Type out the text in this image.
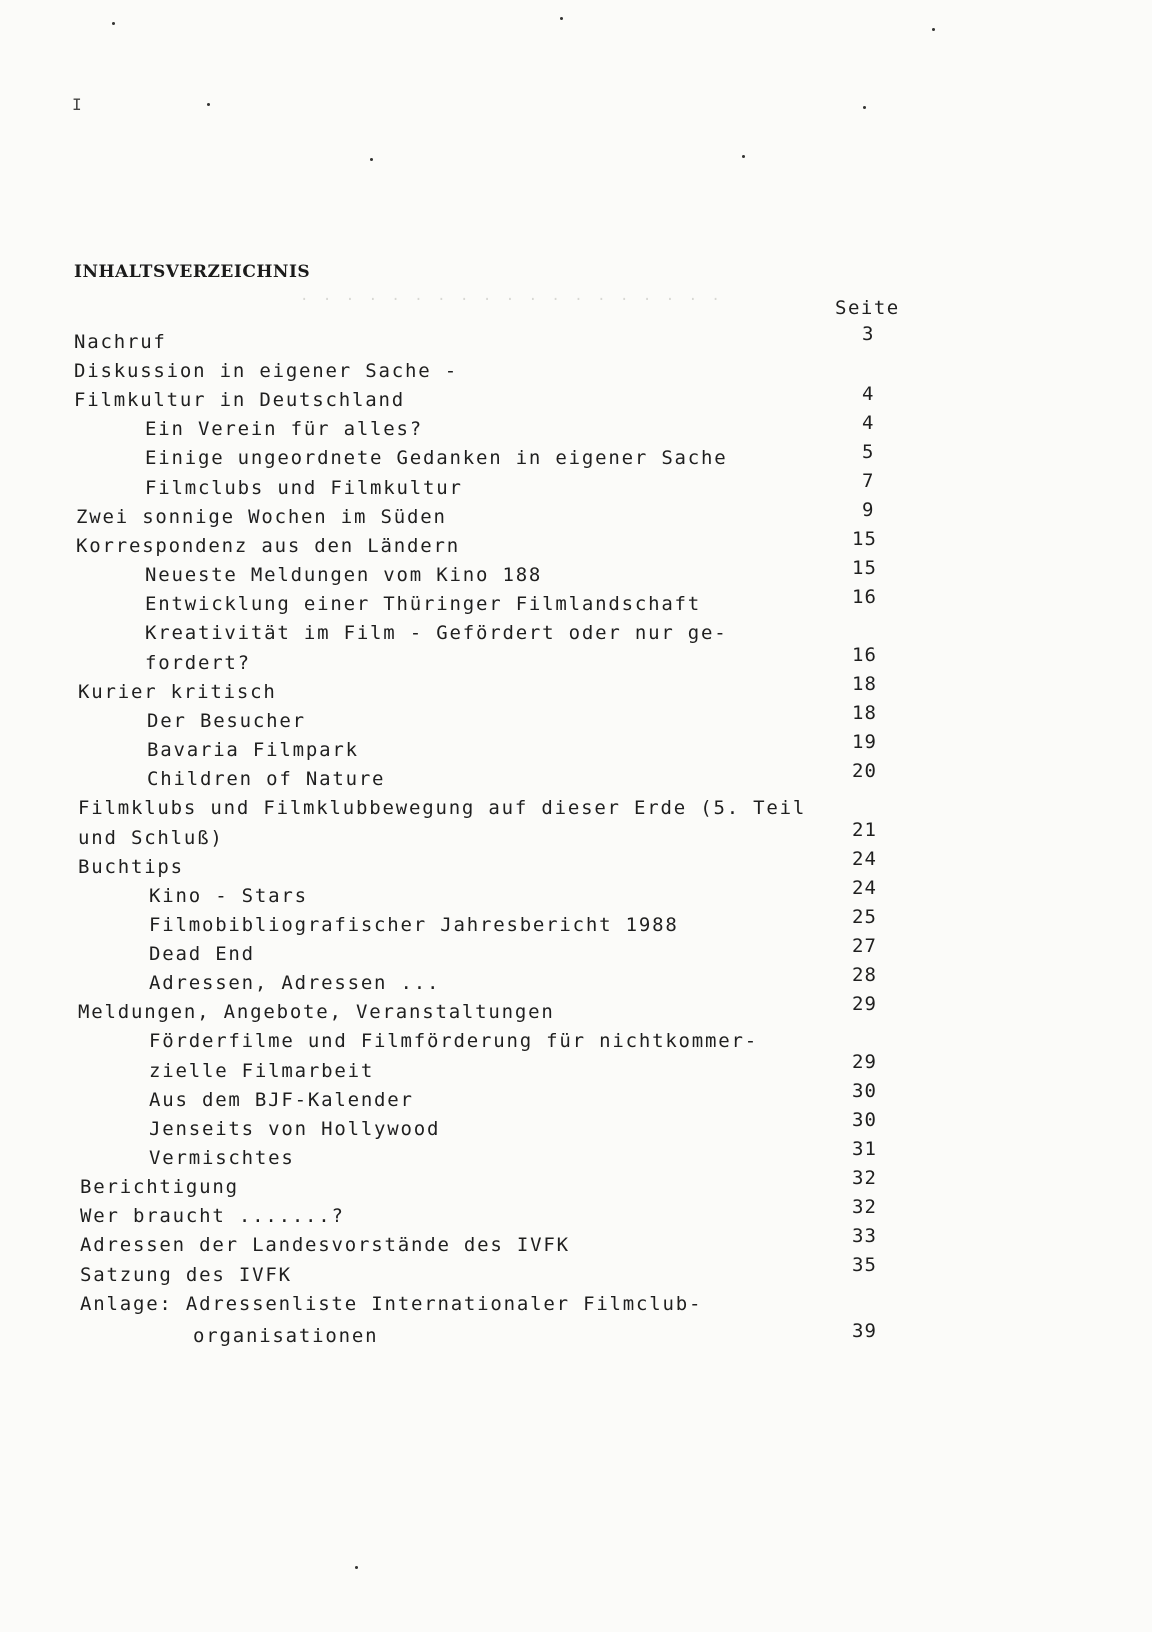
I
· · · · · · · · · · · · · · · · · · ·
INHALTSVERZEICHNIS
Seite
Nachruf	3
Diskussion in eigener Sache -
Filmkultur in Deutschland	4
Ein Verein für alles?	4
Einige ungeordnete Gedanken in eigener Sache	5
Filmclubs und Filmkultur	7
Zwei sonnige Wochen im Süden	9
Korrespondenz aus den Ländern	15
Neueste Meldungen vom Kino 188	15
Entwicklung einer Thüringer Filmlandschaft	16
Kreativität im Film - Gefördert oder nur ge-
fordert?	16
Kurier kritisch	18
Der Besucher	18
Bavaria Filmpark	19
Children of Nature	20
Filmklubs und Filmklubbewegung auf dieser Erde (5. Teil
und Schluß)	21
Buchtips	24
Kino - Stars	24
Filmobibliografischer Jahresbericht 1988	25
Dead End	27
Adressen, Adressen ...	28
Meldungen, Angebote, Veranstaltungen	29
Förderfilme und Filmförderung für nichtkommer-
zielle Filmarbeit	29
Aus dem BJF-Kalender	30
Jenseits von Hollywood	30
Vermischtes	31
Berichtigung	32
Wer braucht .......?	32
Adressen der Landesvorstände des IVFK	33
Satzung des IVFK	35
Anlage: Adressenliste Internationaler Filmclub-
organisationen	39
